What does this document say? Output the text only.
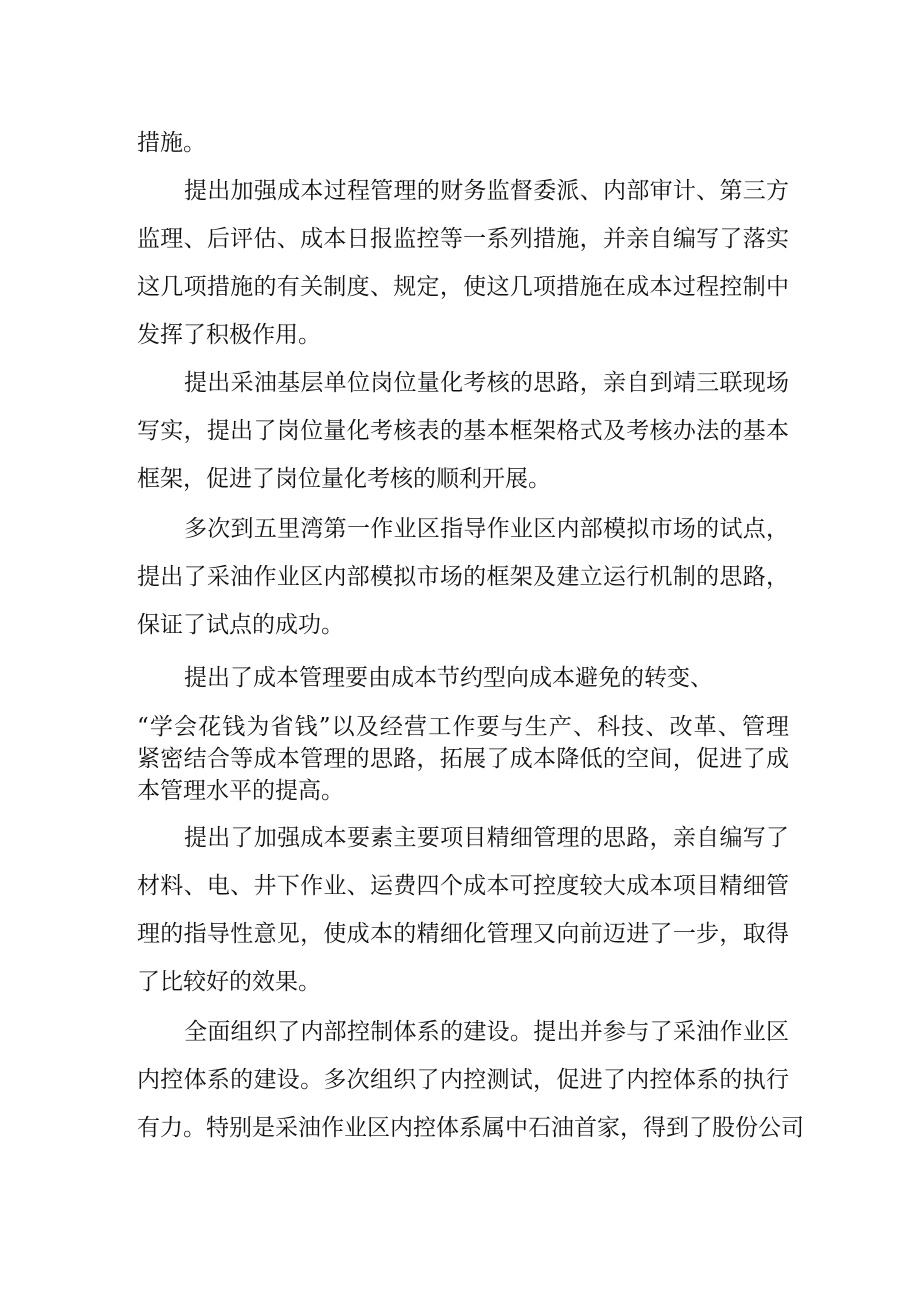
措施。
提出加强成本过程管理的财务监督委派、内部审计、第三方
监理、后评估、成本日报监控等一系列措施，并亲自编写了落实
这几项措施的有关制度、规定，使这几项措施在成本过程控制中
发挥了积极作用。
提出采油基层单位岗位量化考核的思路，亲自到靖三联现场
写实，提出了岗位量化考核表的基本框架格式及考核办法的基本
框架，促进了岗位量化考核的顺利开展。
多次到五里湾第一作业区指导作业区内部模拟市场的试点，
提出了采油作业区内部模拟市场的框架及建立运行机制的思路，
保证了试点的成功。
提出了成本管理要由成本节约型向成本避免的转变、
“学会花钱为省钱”以及经营工作要与生产、科技、改革、管理
紧密结合等成本管理的思路，拓展了成本降低的空间，促进了成
本管理水平的提高。
提出了加强成本要素主要项目精细管理的思路，亲自编写了
材料、电、井下作业、运费四个成本可控度较大成本项目精细管
理的指导性意见，使成本的精细化管理又向前迈进了一步，取得
了比较好的效果。
全面组织了内部控制体系的建设。提出并参与了采油作业区
内控体系的建设。多次组织了内控测试，促进了内控体系的执行
有力。特别是采油作业区内控体系属中石油首家，得到了股份公司
